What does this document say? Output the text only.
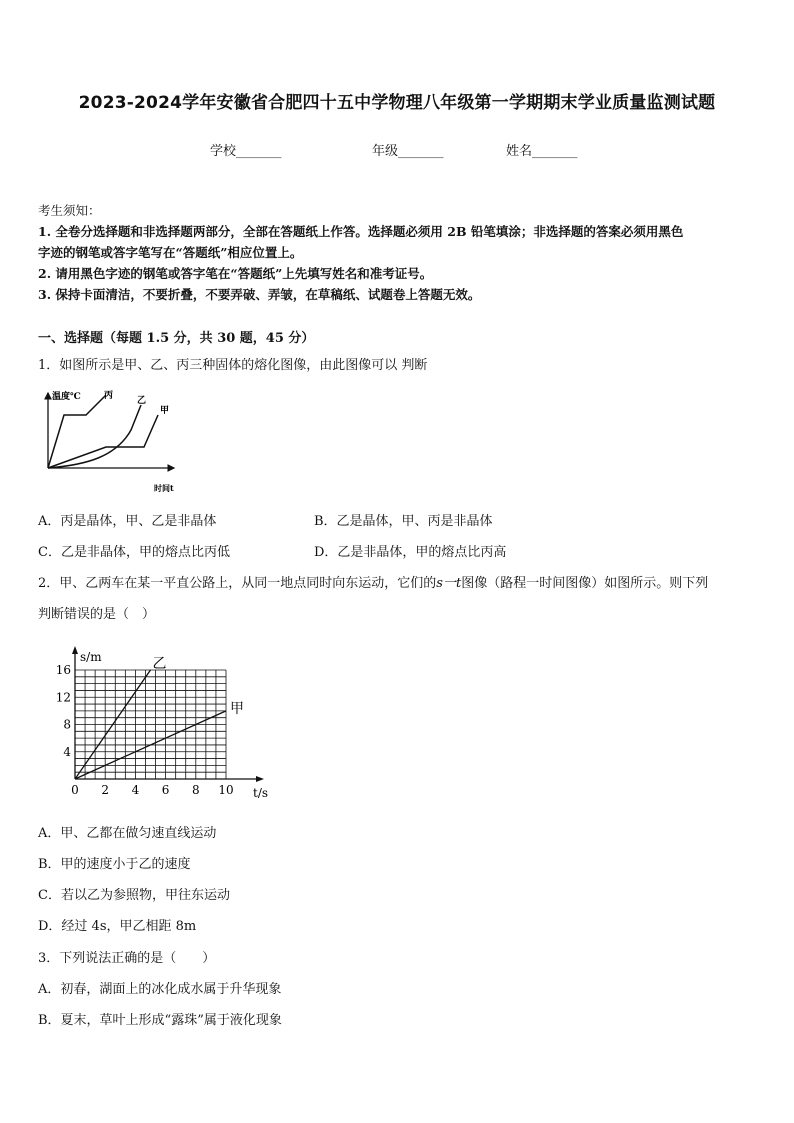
2023-2024学年安徽省合肥四十五中学物理八年级第一学期期末学业质量监测试题
学校_______	年级_______	姓名_______
考生须知：
1. 全卷分选择题和非选择题两部分，全部在答题纸上作答。选择题必须用 2B 铅笔填涂；非选择题的答案必须用黑色
字迹的钢笔或答字笔写在“答题纸”相应位置上。
2. 请用黑色字迹的钢笔或答字笔在“答题纸”上先填写姓名和准考证号。
3. 保持卡面清洁，不要折叠，不要弄破、弄皱，在草稿纸、试题卷上答题无效。
一、选择题（每题 1.5 分，共 30 题，45 分）
1．如图所示是甲、乙、丙三种固体的熔化图像，由此图像可以 判断
温度℃	丙	乙
甲
时间t
A．丙是晶体，甲、乙是非晶体	B．乙是晶体，甲、丙是非晶体
C．乙是非晶体，甲的熔点比丙低	D．乙是非晶体，甲的熔点比丙高
2．甲、乙两车在某一平直公路上，从同一地点同时向东运动，它们的s一t图像（路程一时间图像）如图所示。则下列
判断错误的是（　）
t/s
s/m	乙
甲
0 2 4 6 8 10
4
8
12
16
A．甲、乙都在做匀速直线运动
B．甲的速度小于乙的速度
C．若以乙为参照物，甲往东运动
D．经过 4s，甲乙相距 8m
3．下列说法正确的是（　　）
A．初春，湖面上的冰化成水属于升华现象
B．夏末，草叶上形成“露珠”属于液化现象
